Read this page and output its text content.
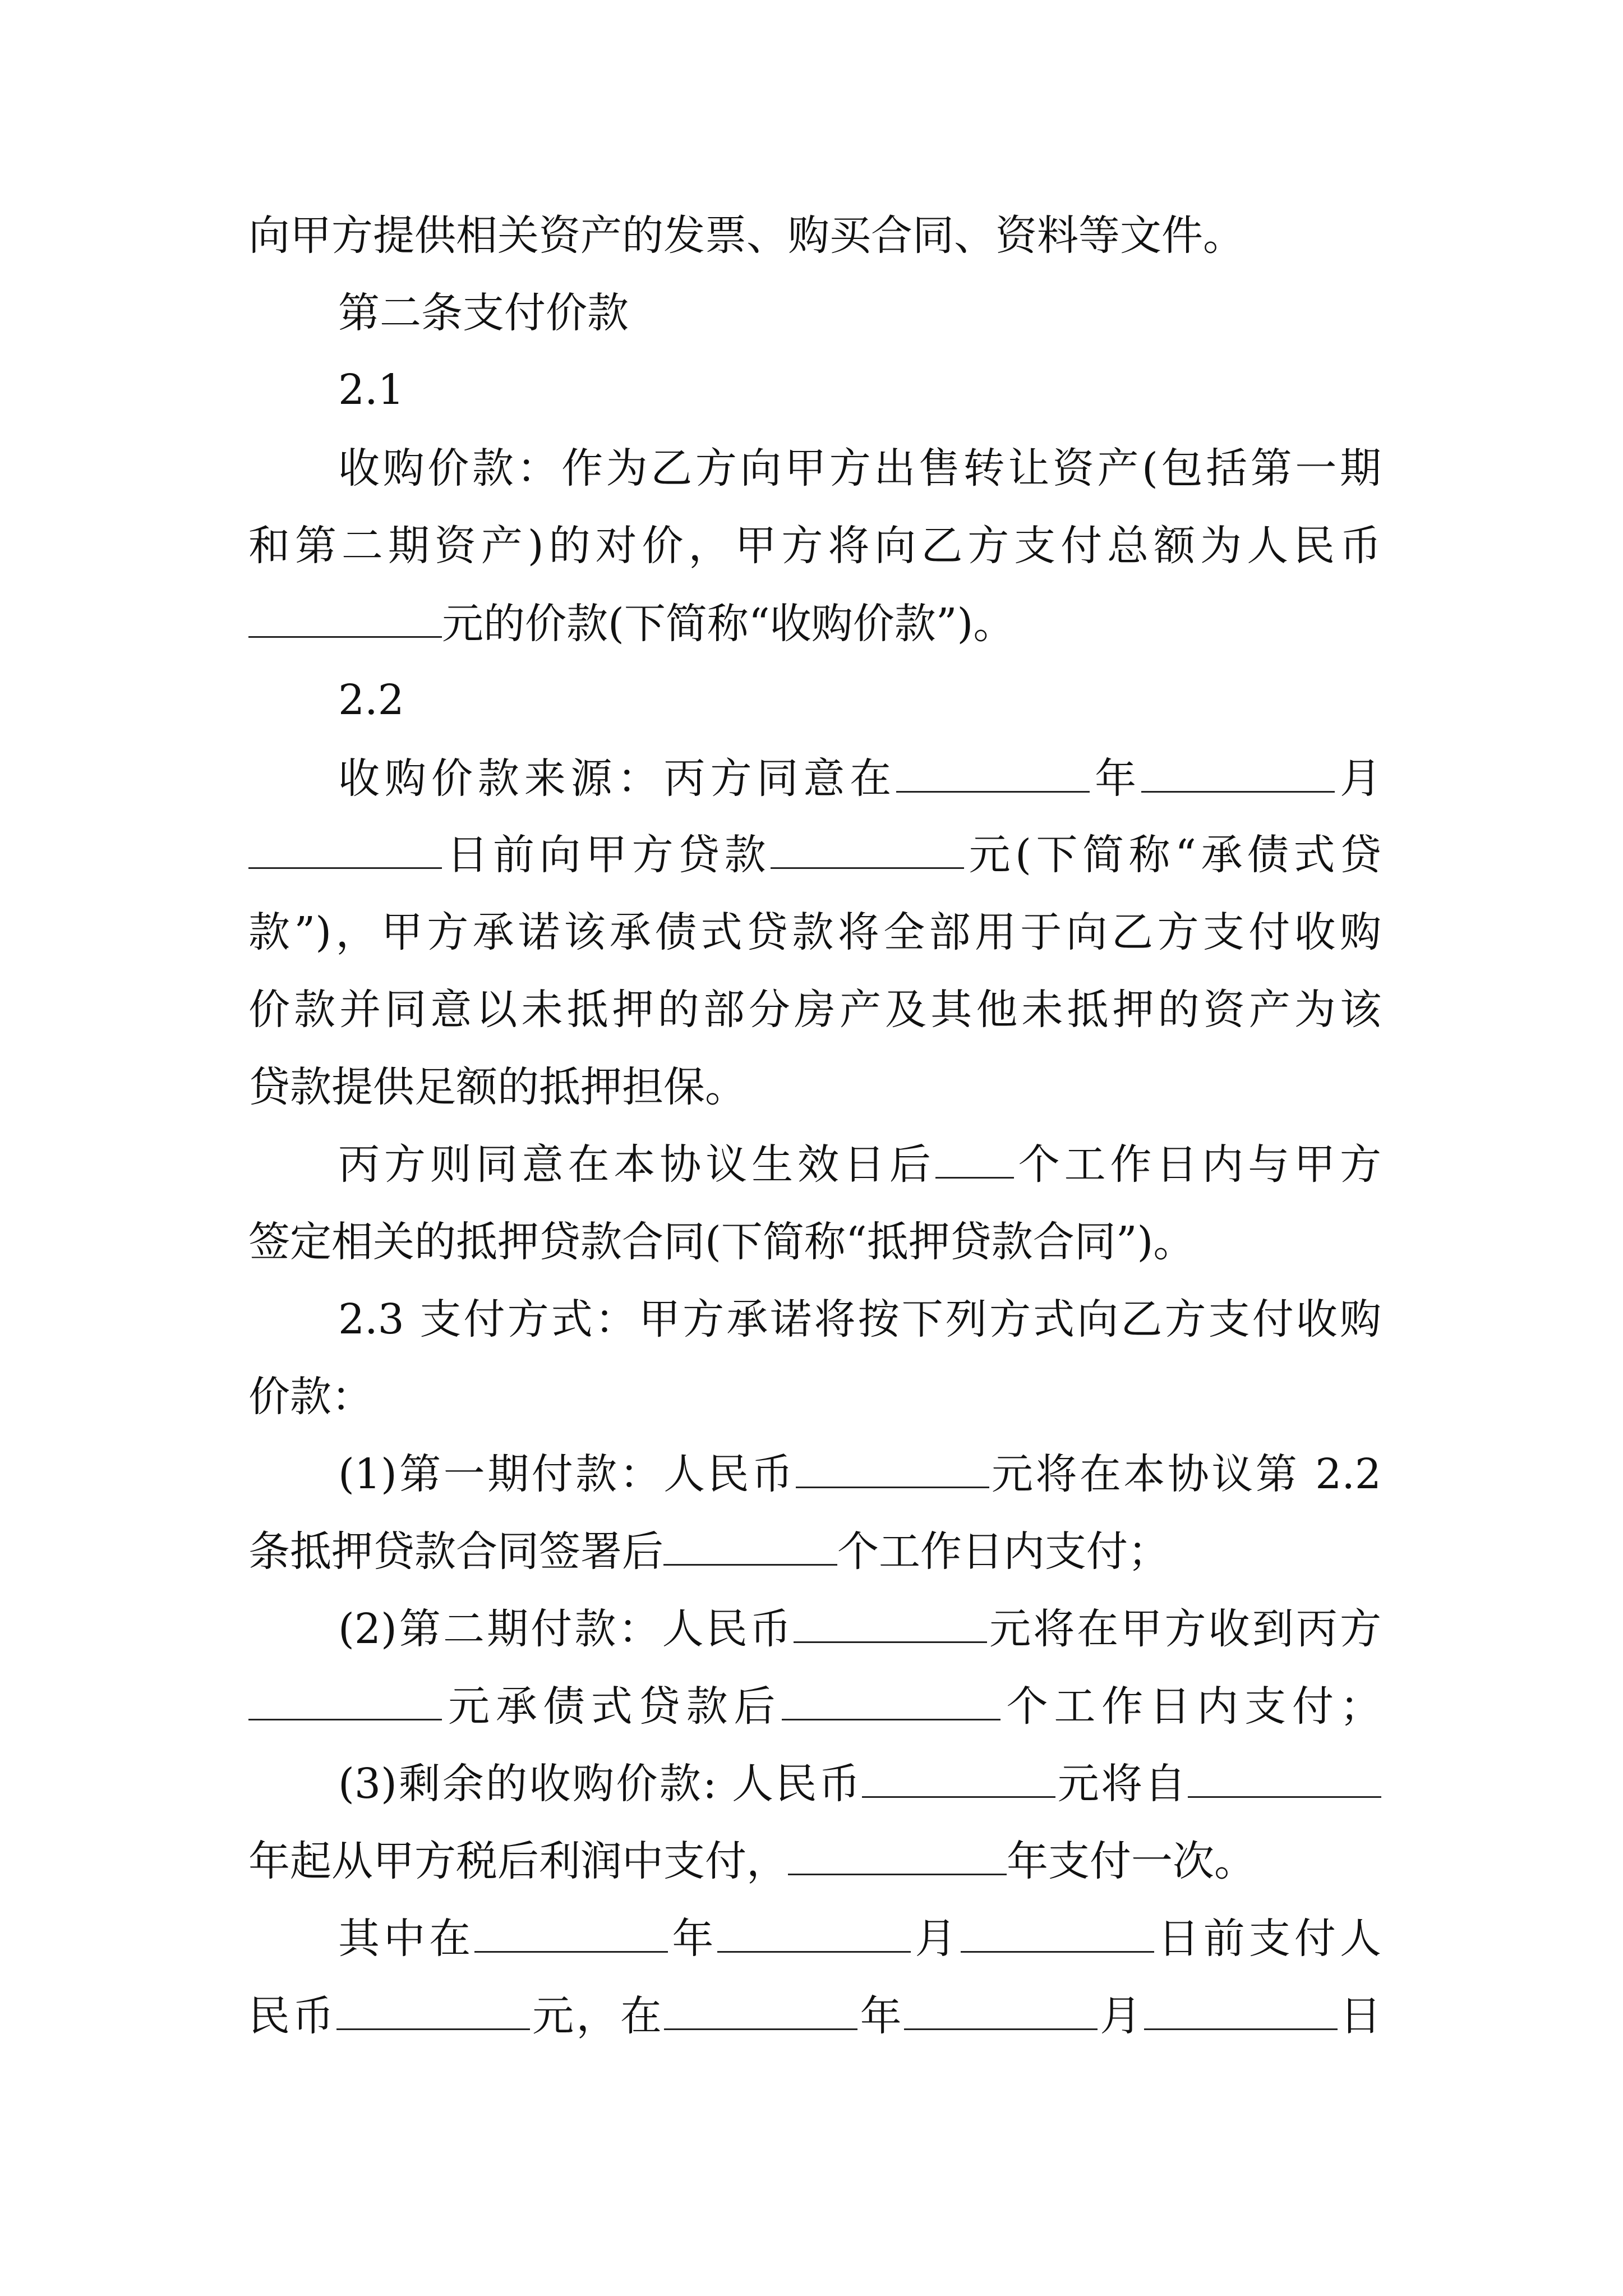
向甲方提供相关资产的发票、购买合同、资料等文件。
第二条支付价款
2.1
收购价款：作为乙方向甲方出售转让资产(包括第一期
和第二期资产)的对价，甲方将向乙方支付总额为人民币
元的价款(下简称“收购价款”)。
2.2
收购价款来源：丙方同意在	年	月
日前向甲方贷款	元(下简称“承债式贷
款”)，甲方承诺该承债式贷款将全部用于向乙方支付收购
价款并同意以未抵押的部分房产及其他未抵押的资产为该
贷款提供足额的抵押担保。
丙方则同意在本协议生效日后 个工作日内与甲方
签定相关的抵押贷款合同(下简称“抵押贷款合同”)。
2.3 支付方式：甲方承诺将按下列方式向乙方支付收购
价款：
(1)第一期付款：人民币	元将在本协议第 2.2
条抵押贷款合同签署后	个工作日内支付；
(2)第二期付款：人民币	元将在甲方收到丙方
元承债式贷款后	个工作日内支付；
(3)剩余的收购价款: 人民币	元将自
年起从甲方税后利润中支付，	年支付一次。
其中在	年	月	日前支付人
民币	元，在	年	月	日
